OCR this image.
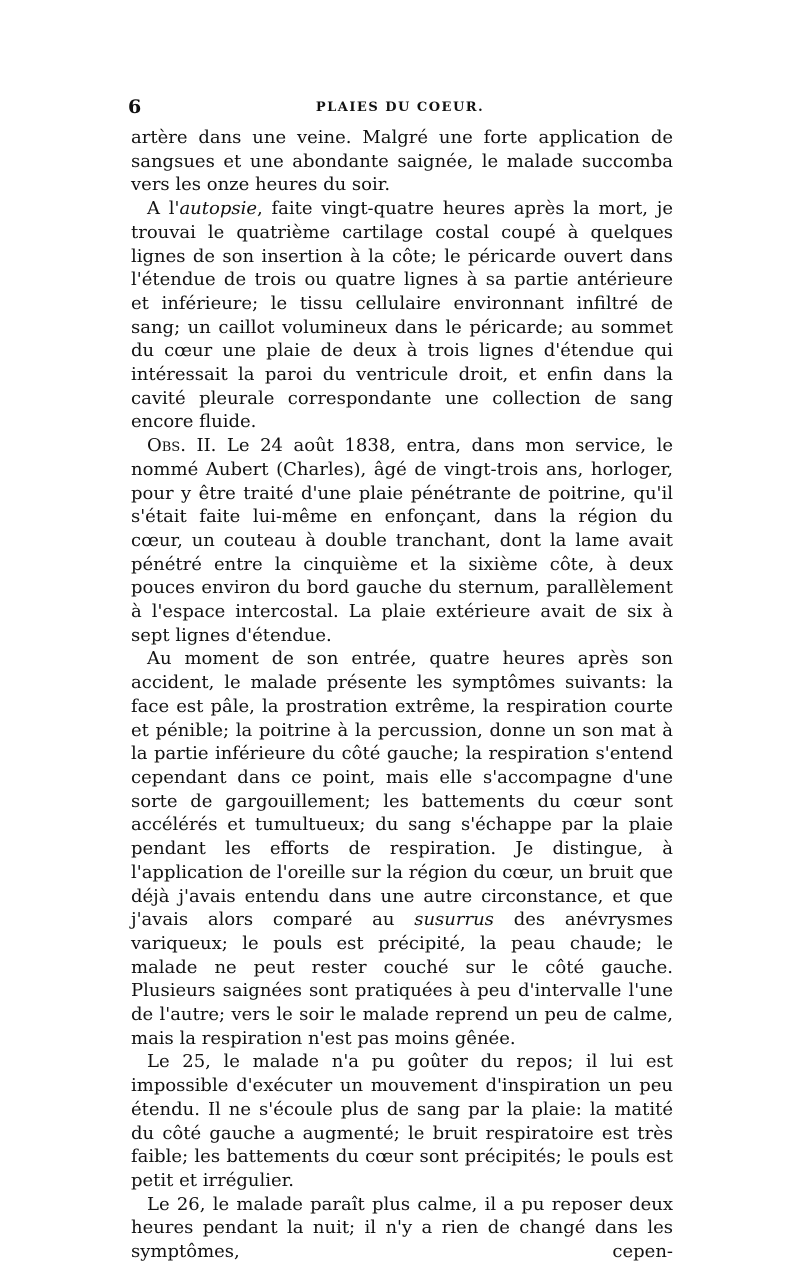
6	PLAIES DU COEUR.

artère dans une veine. Malgré une forte application de sangsues et une abondante saignée, le malade succomba vers les onze heures du soir.

A l'autopsie, faite vingt-quatre heures après la mort, je trouvai le quatrième cartilage costal coupé à quelques lignes de son insertion à la côte; le péricarde ouvert dans l'étendue de trois ou quatre lignes à sa partie antérieure et inférieure; le tissu cellulaire environnant infiltré de sang; un caillot volumineux dans le péricarde; au sommet du cœur une plaie de deux à trois lignes d'étendue qui intéressait la paroi du ventricule droit, et enfin dans la cavité pleurale correspondante une collection de sang encore fluide.

Obs. II. Le 24 août 1838, entra, dans mon service, le nommé Aubert (Charles), âgé de vingt-trois ans, horloger, pour y être traité d'une plaie pénétrante de poitrine, qu'il s'était faite lui-même en enfonçant, dans la région du cœur, un couteau à double tranchant, dont la lame avait pénétré entre la cinquième et la sixième côte, à deux pouces environ du bord gauche du sternum, parallèlement à l'espace intercostal. La plaie extérieure avait de six à sept lignes d'étendue.

Au moment de son entrée, quatre heures après son accident, le malade présente les symptômes suivants: la face est pâle, la prostration extrême, la respiration courte et pénible; la poitrine à la percussion, donne un son mat à la partie inférieure du côté gauche; la respiration s'entend cependant dans ce point, mais elle s'accompagne d'une sorte de gargouillement; les battements du cœur sont accélérés et tumultueux; du sang s'échappe par la plaie pendant les efforts de respiration. Je distingue, à l'application de l'oreille sur la région du cœur, un bruit que déjà j'avais entendu dans une autre circonstance, et que j'avais alors comparé au susurrus des anévrysmes variqueux; le pouls est précipité, la peau chaude; le malade ne peut rester couché sur le côté gauche. Plusieurs saignées sont pratiquées à peu d'intervalle l'une de l'autre; vers le soir le malade reprend un peu de calme, mais la respiration n'est pas moins gênée.

Le 25, le malade n'a pu goûter du repos; il lui est impossible d'exécuter un mouvement d'inspiration un peu étendu. Il ne s'écoule plus de sang par la plaie: la matité du côté gauche a augmenté; le bruit respiratoire est très faible; les battements du cœur sont précipités; le pouls est petit et irrégulier.

Le 26, le malade paraît plus calme, il a pu reposer deux heures pendant la nuit; il n'y a rien de changé dans les symptômes, cepen-
